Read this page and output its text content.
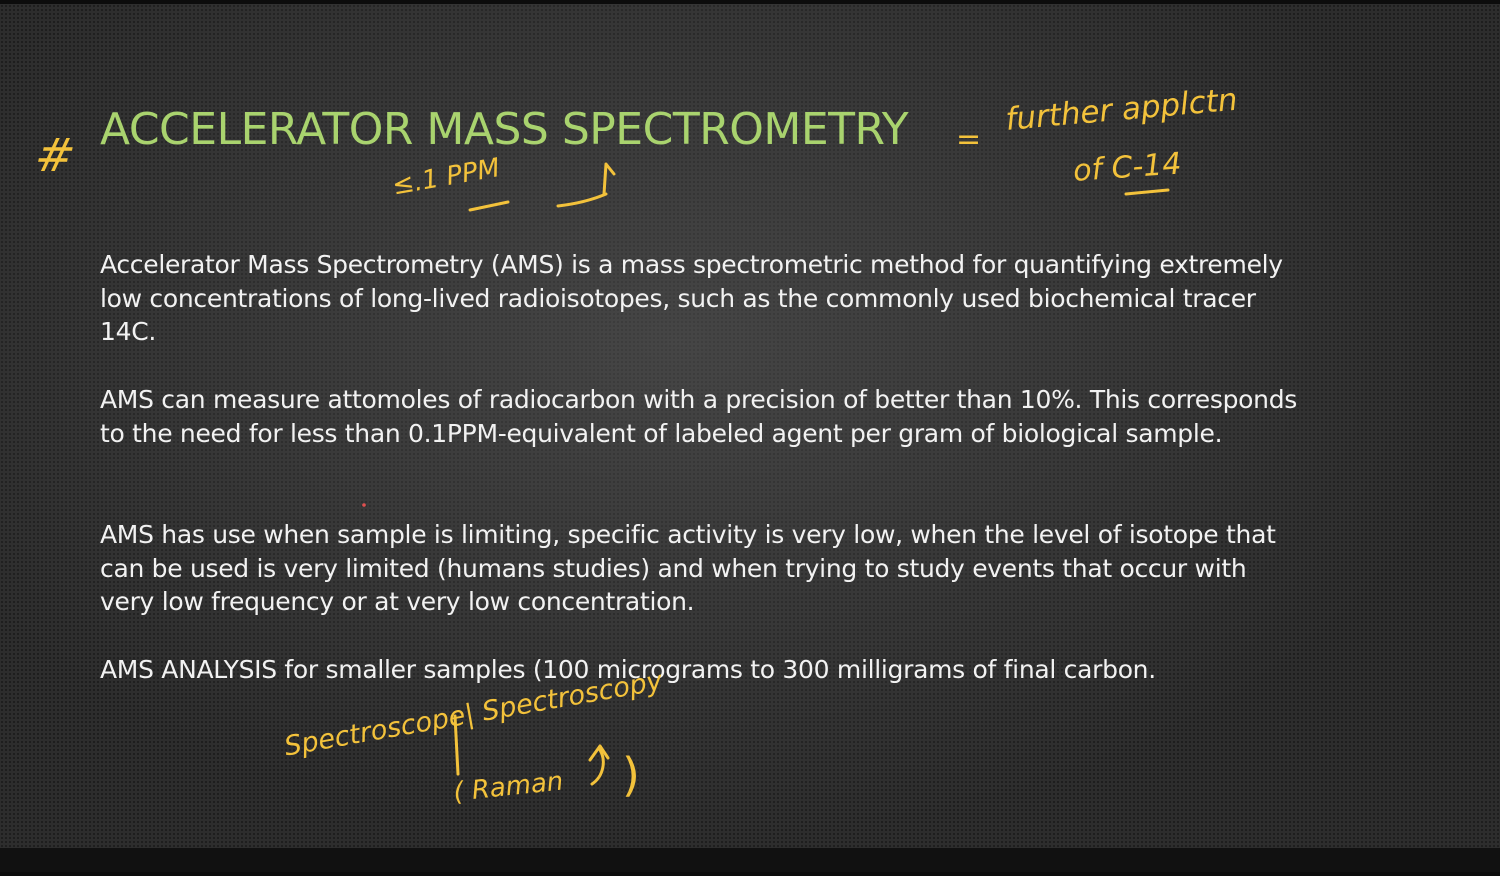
ACCELERATOR MASS SPECTROMETRY

Accelerator Mass Spectrometry (AMS) is a mass spectrometric method for quantifying extremely low concentrations of long-lived radioisotopes, such as the commonly used biochemical tracer 14C.

AMS can measure attomoles of radiocarbon with a precision of better than 10%. This corresponds to the need for less than 0.1PPM-equivalent of labeled agent per gram of biological sample.

AMS has use when sample is limiting, specific activity is very low, when the level of isotope that can be used is very limited (humans studies) and when trying to study events that occur with very low frequency or at very low concentration.

AMS ANALYSIS for smaller samples (100 micrograms to 300 milligrams of final carbon.

#	=
further applctn
of C-14
≤.1 PPM
Spectroscope| Spectroscopy
( Raman )
